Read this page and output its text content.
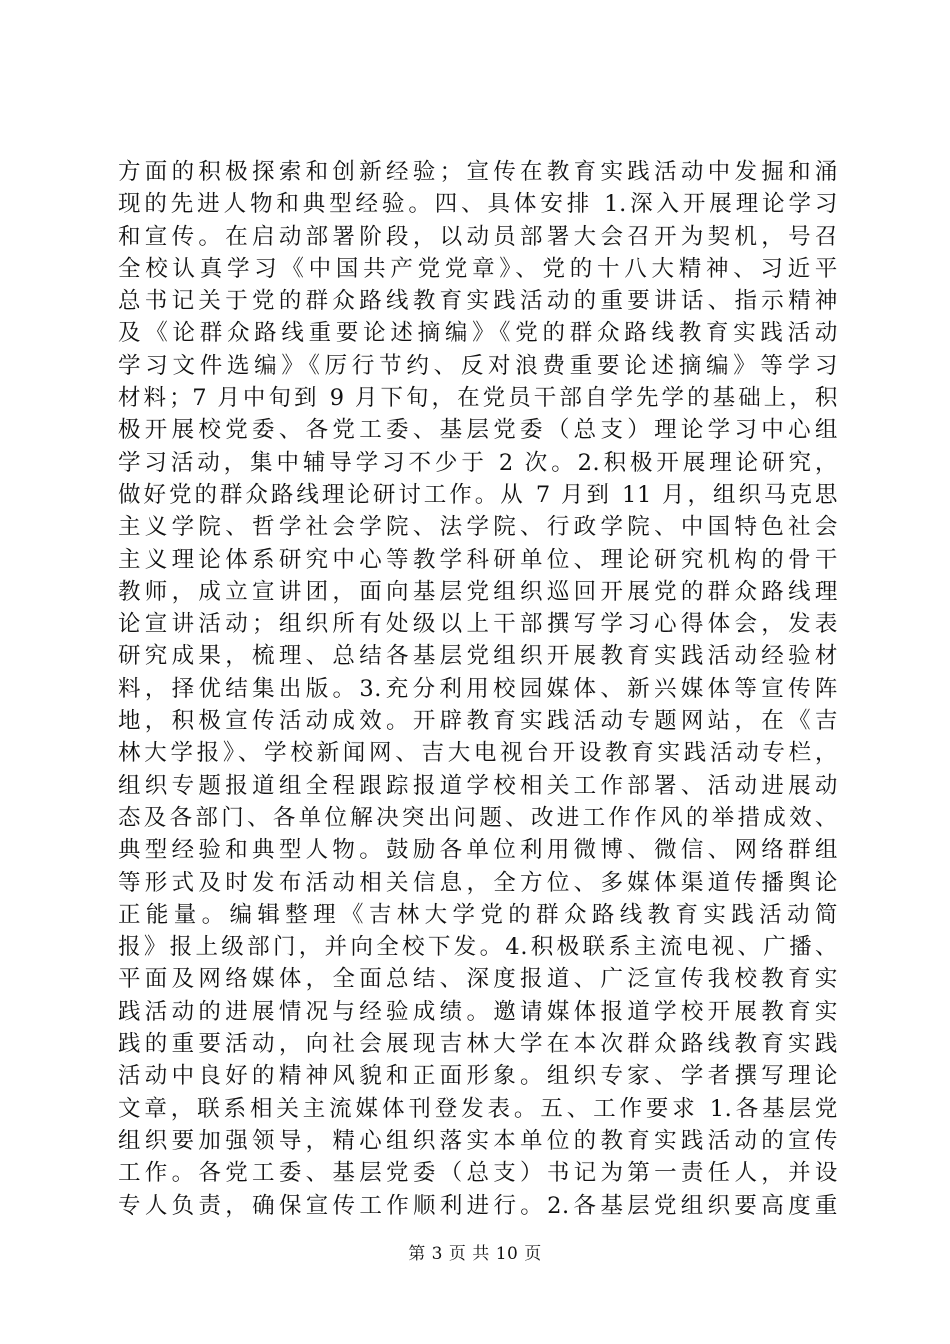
方面的积极探索和创新经验；宣传在教育实践活动中发掘和涌
现的先进人物和典型经验。四、具体安排 1.深入开展理论学习
和宣传。在启动部署阶段，以动员部署大会召开为契机，号召
全校认真学习《中国共产党党章》、党的十八大精神、习近平
总书记关于党的群众路线教育实践活动的重要讲话、指示精神
及《论群众路线重要论述摘编》《党的群众路线教育实践活动
学习文件选编》《厉行节约、反对浪费重要论述摘编》等学习
材料；7 月中旬到 9 月下旬，在党员干部自学先学的基础上，积
极开展校党委、各党工委、基层党委（总支）理论学习中心组
学习活动，集中辅导学习不少于 2 次。2.积极开展理论研究，
做好党的群众路线理论研讨工作。从 7 月到 11 月，组织马克思
主义学院、哲学社会学院、法学院、行政学院、中国特色社会
主义理论体系研究中心等教学科研单位、理论研究机构的骨干
教师，成立宣讲团，面向基层党组织巡回开展党的群众路线理
论宣讲活动；组织所有处级以上干部撰写学习心得体会，发表
研究成果，梳理、总结各基层党组织开展教育实践活动经验材
料，择优结集出版。3.充分利用校园媒体、新兴媒体等宣传阵
地，积极宣传活动成效。开辟教育实践活动专题网站，在《吉
林大学报》、学校新闻网、吉大电视台开设教育实践活动专栏，
组织专题报道组全程跟踪报道学校相关工作部署、活动进展动
态及各部门、各单位解决突出问题、改进工作作风的举措成效、
典型经验和典型人物。鼓励各单位利用微博、微信、网络群组
等形式及时发布活动相关信息，全方位、多媒体渠道传播舆论
正能量。编辑整理《吉林大学党的群众路线教育实践活动简
报》报上级部门，并向全校下发。4.积极联系主流电视、广播、
平面及网络媒体，全面总结、深度报道、广泛宣传我校教育实
践活动的进展情况与经验成绩。邀请媒体报道学校开展教育实
践的重要活动，向社会展现吉林大学在本次群众路线教育实践
活动中良好的精神风貌和正面形象。组织专家、学者撰写理论
文章，联系相关主流媒体刊登发表。五、工作要求 1.各基层党
组织要加强领导，精心组织落实本单位的教育实践活动的宣传
工作。各党工委、基层党委（总支）书记为第一责任人，并设
专人负责，确保宣传工作顺利进行。2.各基层党组织要高度重
第 3 页 共 10 页
